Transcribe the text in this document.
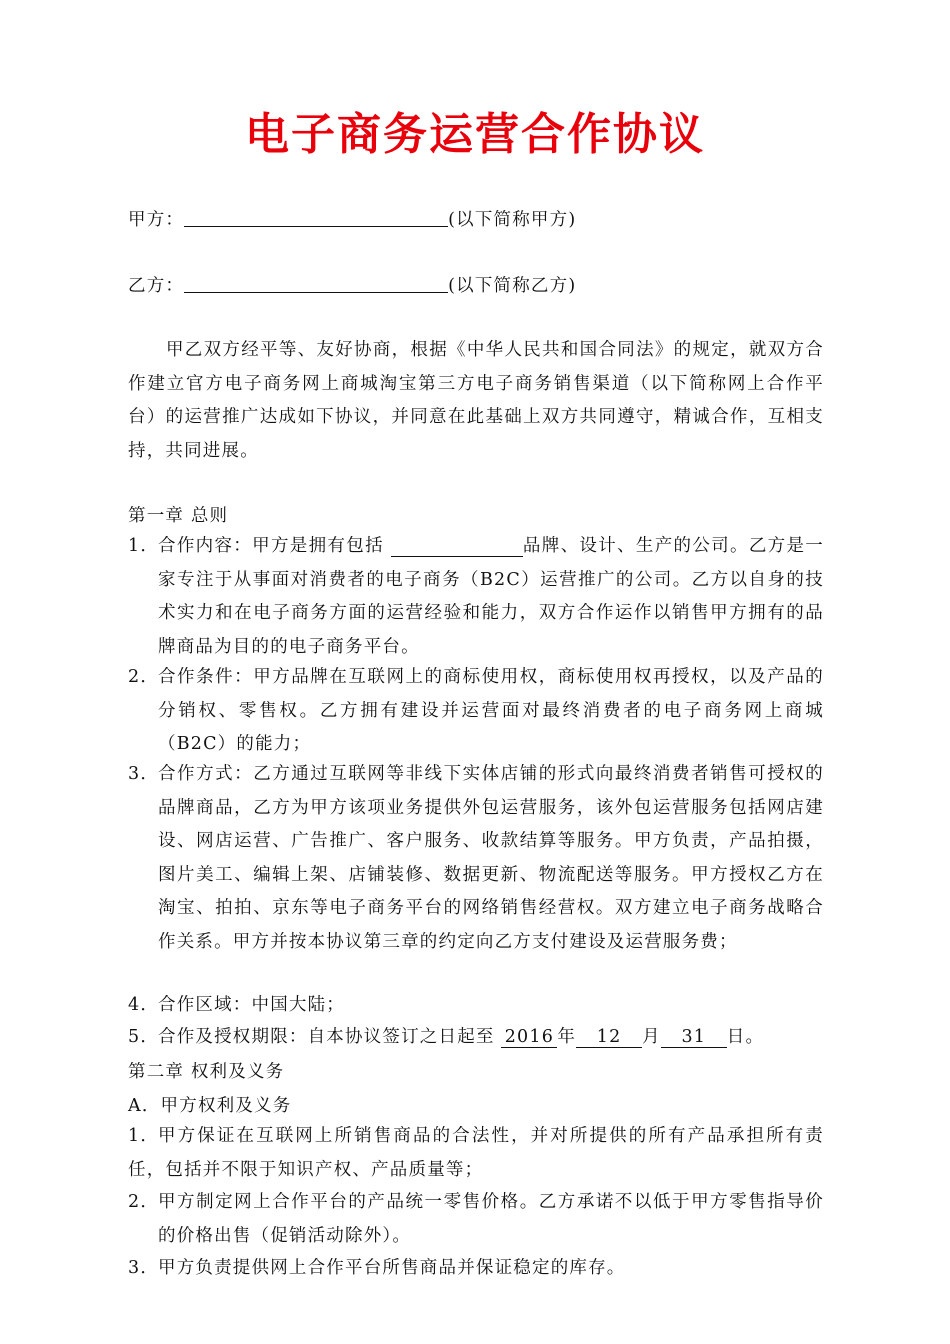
电子商务运营合作协议
甲方：	(以下简称甲方)
乙方：	(以下简称乙方)
甲乙双方经平等、友好协商，根据《中华人民共和国合同法》的规定，就双方合作建立官方电子商务网上商城淘宝第三方电子商务销售渠道（以下简称网上合作平台）的运营推广达成如下协议，并同意在此基础上双方共同遵守，精诚合作，互相支持，共同进展。
第一章 总则
1．
合作内容：甲方是拥有包括	品牌、设计、生产的公司。乙方是一家专注于从事面对消费者的电子商务（B2C）运营推广的公司。乙方以自身的技术实力和在电子商务方面的运营经验和能力，双方合作运作以销售甲方拥有的品牌商品为目的的电子商务平台。
2．
合作条件：甲方品牌在互联网上的商标使用权，商标使用权再授权，以及产品的分销权、零售权。乙方拥有建设并运营面对最终消费者的电子商务网上商城（B2C）的能力；
3．
合作方式：乙方通过互联网等非线下实体店铺的形式向最终消费者销售可授权的品牌商品，乙方为甲方该项业务提供外包运营服务，该外包运营服务包括网店建设、网店运营、广告推广、客户服务、收款结算等服务。甲方负责，产品拍摄，图片美工、编辑上架、店铺装修、数据更新、物流配送等服务。甲方授权乙方在淘宝、拍拍、京东等电子商务平台的网络销售经营权。双方建立电子商务战略合作关系。甲方并按本协议第三章的约定向乙方支付建设及运营服务费；
4．
合作区域：中国大陆；
5．
合作及授权期限：自本协议签订之日起至 2016 年 12 月 31 日。
第二章 权利及义务
A．甲方权利及义务
1．
甲方保证在互联网上所销售商品的合法性，并对所提供的所有产品承担所有责任，包括并不限于知识产权、产品质量等；
2．
甲方制定网上合作平台的产品统一零售价格。乙方承诺不以低于甲方零售指导价的价格出售（促销活动除外）。
3．
甲方负责提供网上合作平台所售商品并保证稳定的库存。
